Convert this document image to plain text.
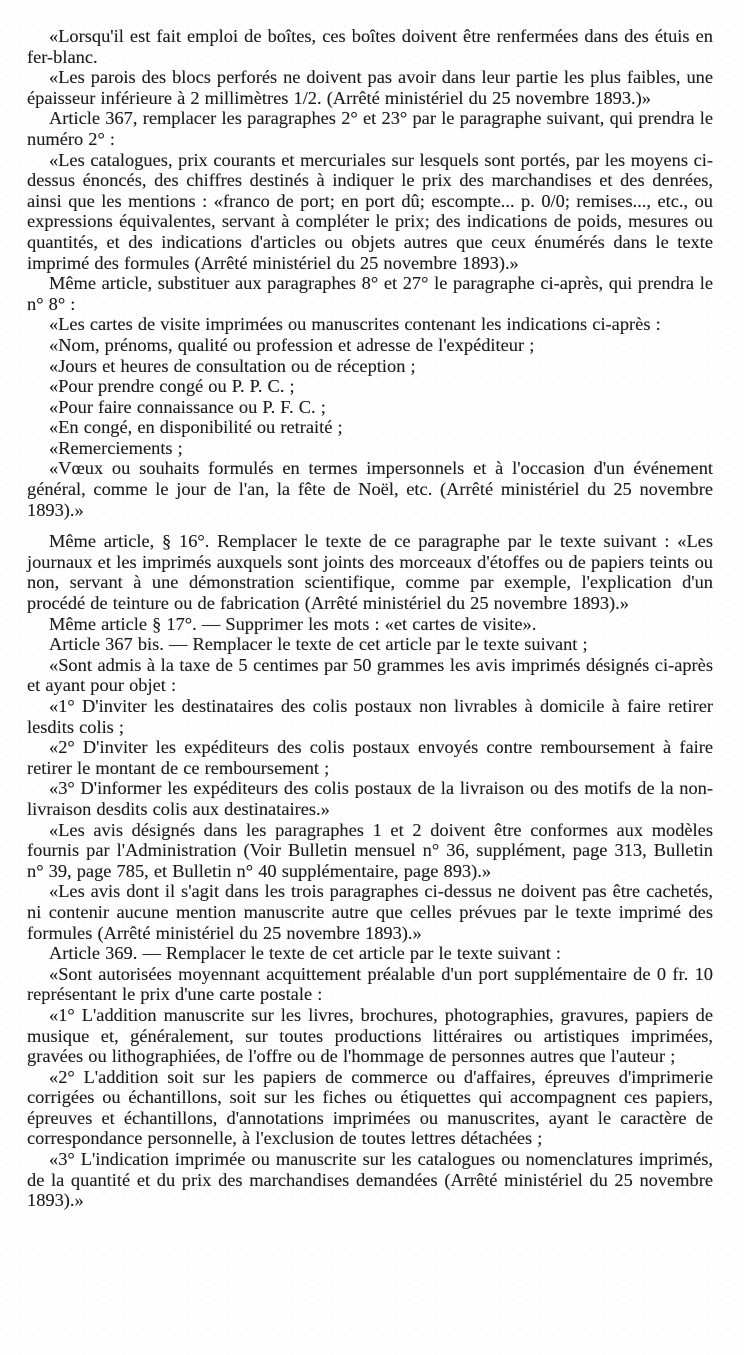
«Lorsqu'il est fait emploi de boîtes, ces boîtes doivent être renfermées dans des étuis en fer-blanc.

«Les parois des blocs perforés ne doivent pas avoir dans leur partie les plus faibles, une épaisseur inférieure à 2 millimètres 1/2. (Arrêté ministériel du 25 novembre 1893.)»

Article 367, remplacer les paragraphes 2° et 23° par le paragraphe suivant, qui prendra le numéro 2° :

«Les catalogues, prix courants et mercuriales sur lesquels sont portés, par les moyens ci-dessus énoncés, des chiffres destinés à indiquer le prix des marchandises et des denrées, ainsi que les mentions : «franco de port; en port dû; escompte... p. 0/0; remises..., etc., ou expressions équivalentes, servant à compléter le prix; des indications de poids, mesures ou quantités, et des indications d'articles ou objets autres que ceux énumérés dans le texte imprimé des formules (Arrêté ministériel du 25 novembre 1893).»

Même article, substituer aux paragraphes 8° et 27° le paragraphe ci-après, qui prendra le n° 8° :

«Les cartes de visite imprimées ou manuscrites contenant les indications ci-après :

«Nom, prénoms, qualité ou profession et adresse de l'expéditeur ;

«Jours et heures de consultation ou de réception ;

«Pour prendre congé ou P. P. C. ;

«Pour faire connaissance ou P. F. C. ;

«En congé, en disponibilité ou retraité ;

«Remerciements ;

«Vœux ou souhaits formulés en termes impersonnels et à l'occasion d'un événement général, comme le jour de l'an, la fête de Noël, etc. (Arrêté ministériel du 25 novembre 1893).»

Même article, § 16°. Remplacer le texte de ce paragraphe par le texte suivant : «Les journaux et les imprimés auxquels sont joints des morceaux d'étoffes ou de papiers teints ou non, servant à une démonstration scientifique, comme par exemple, l'explication d'un procédé de teinture ou de fabrication (Arrêté ministériel du 25 novembre 1893).»

Même article § 17°. — Supprimer les mots : «et cartes de visite».

Article 367 bis. — Remplacer le texte de cet article par le texte suivant ;

«Sont admis à la taxe de 5 centimes par 50 grammes les avis imprimés désignés ci-après et ayant pour objet :

«1° D'inviter les destinataires des colis postaux non livrables à domicile à faire retirer lesdits colis ;

«2° D'inviter les expéditeurs des colis postaux envoyés contre remboursement à faire retirer le montant de ce remboursement ;

«3° D'informer les expéditeurs des colis postaux de la livraison ou des motifs de la non-livraison desdits colis aux destinataires.»

«Les avis désignés dans les paragraphes 1 et 2 doivent être conformes aux modèles fournis par l'Administration (Voir Bulletin mensuel n° 36, supplément, page 313, Bulletin n° 39, page 785, et Bulletin n° 40 supplémentaire, page 893).»

«Les avis dont il s'agit dans les trois paragraphes ci-dessus ne doivent pas être cachetés, ni contenir aucune mention manuscrite autre que celles prévues par le texte imprimé des formules (Arrêté ministériel du 25 novembre 1893).»

Article 369. — Remplacer le texte de cet article par le texte suivant :

«Sont autorisées moyennant acquittement préalable d'un port supplémentaire de 0 fr. 10 représentant le prix d'une carte postale :

«1° L'addition manuscrite sur les livres, brochures, photographies, gravures, papiers de musique et, généralement, sur toutes productions littéraires ou artistiques imprimées, gravées ou lithographiées, de l'offre ou de l'hommage de personnes autres que l'auteur ;

«2° L'addition soit sur les papiers de commerce ou d'affaires, épreuves d'imprimerie corrigées ou échantillons, soit sur les fiches ou étiquettes qui accompagnent ces papiers, épreuves et échantillons, d'annotations imprimées ou manuscrites, ayant le caractère de correspondance personnelle, à l'exclusion de toutes lettres détachées ;

«3° L'indication imprimée ou manuscrite sur les catalogues ou nomenclatures imprimés, de la quantité et du prix des marchandises demandées (Arrêté ministériel du 25 novembre 1893).»
